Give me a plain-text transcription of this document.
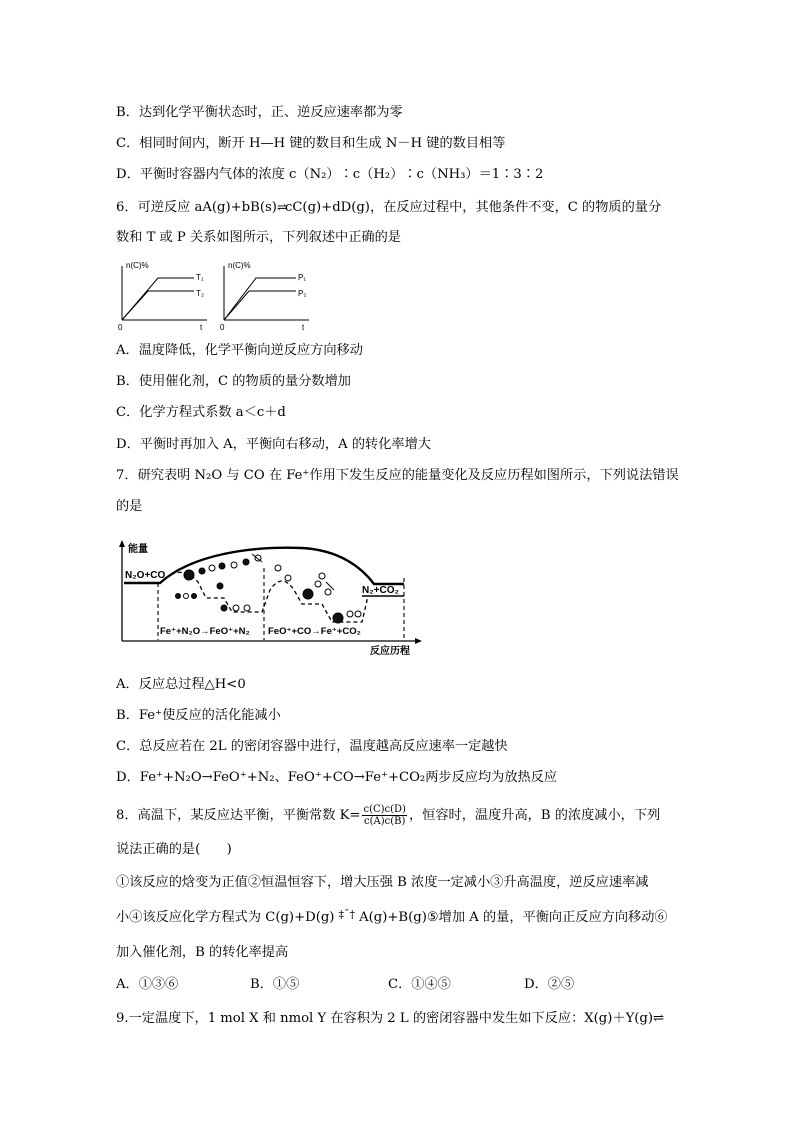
B．达到化学平衡状态时，正、逆反应速率都为零
C．相同时间内，断开 H—H 键的数目和生成 N－H 键的数目相等
D．平衡时容器内气体的浓度 c（N₂）∶c（H₂）∶c（NH₃）＝1∶3∶2
6．可逆反应 aA(g)+bB(s)⇌cC(g)+dD(g)，在反应过程中，其他条件不变，C 的物质的量分
数和 T 或 P 关系如图所示，下列叙述中正确的是
n(C)%
T₁
T₂
0	t
n(C)%
P₁
P₂
0	t
A．温度降低，化学平衡向逆反应方向移动
B．使用催化剂，C 的物质的量分数增加
C．化学方程式系数 a＜c＋d
D．平衡时再加入 A，平衡向右移动，A 的转化率增大
7．研究表明 N₂O 与 CO 在 Fe⁺作用下发生反应的能量变化及反应历程如图所示，下列说法错误
的是
能量
反应历程
N₂O+CO
N₂+CO₂
Fe⁺+N₂O→FeO⁺+N₂ FeO⁺+CO→Fe⁺+CO₂
A．反应总过程△H<0
B．Fe⁺使反应的活化能减小
C．总反应若在 2L 的密闭容器中进行，温度越高反应速率一定越快
D．Fe⁺+N₂O→FeO⁺+N₂、FeO⁺+CO→Fe⁺+CO₂两步反应均为放热反应
8．高温下，某反应达平衡，平衡常数 $K= \frac{c(C)c(D)}{c(A)c(B)}$ ，恒容时，温度升高，B 的浓度减小，下列
说法正确的是(　　)
①该反应的焓变为正值②恒温恒容下，增大压强 B 浓度一定减小③升高温度，逆反应速率减
小④该反应化学方程式为 C(g)+D(g) ‡˘† A(g)+B(g)⑤增加 A 的量，平衡向正反应方向移动⑥
加入催化剂，B 的转化率提高
A．①③⑥	B．①⑤	C．①④⑤	D．②⑤
9.一定温度下，1 mol X 和 nmol Y 在容积为 2 L 的密闭容器中发生如下反应：X(g)＋Y(g)⇌
